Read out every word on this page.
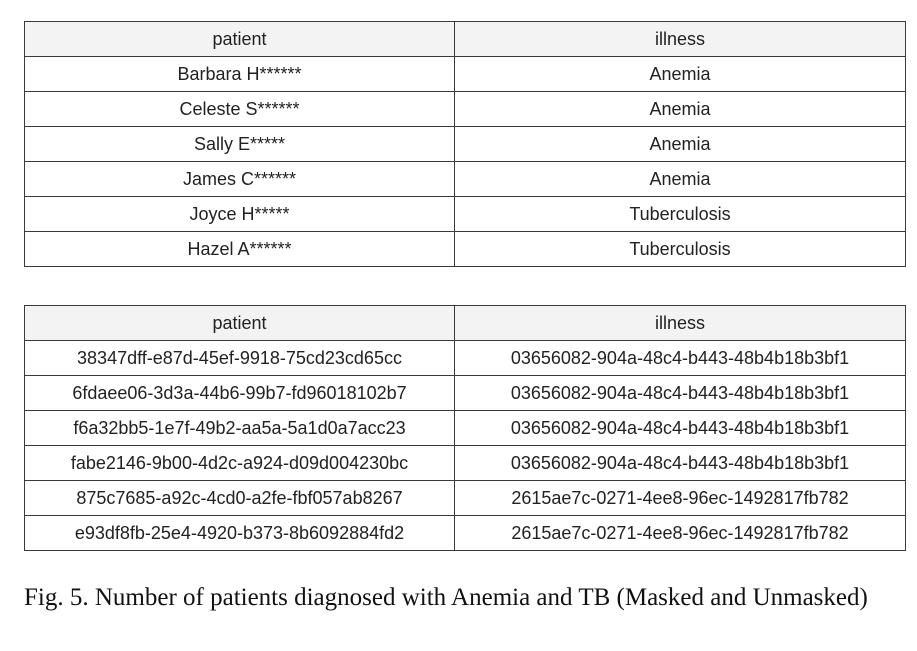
patient	illness
Barbara H******	Anemia
Celeste S******	Anemia
Sally E*****	Anemia
James C******	Anemia
Joyce H*****	Tuberculosis
Hazel A******	Tuberculosis
patient	illness
38347dff-e87d-45ef-9918-75cd23cd65cc	03656082-904a-48c4-b443-48b4b18b3bf1
6fdaee06-3d3a-44b6-99b7-fd96018102b7	03656082-904a-48c4-b443-48b4b18b3bf1
f6a32bb5-1e7f-49b2-aa5a-5a1d0a7acc23	03656082-904a-48c4-b443-48b4b18b3bf1
fabe2146-9b00-4d2c-a924-d09d004230bc	03656082-904a-48c4-b443-48b4b18b3bf1
875c7685-a92c-4cd0-a2fe-fbf057ab8267	2615ae7c-0271-4ee8-96ec-1492817fb782
e93df8fb-25e4-4920-b373-8b6092884fd2	2615ae7c-0271-4ee8-96ec-1492817fb782
Fig. 5. Number of patients diagnosed with Anemia and TB (Masked and Unmasked)
